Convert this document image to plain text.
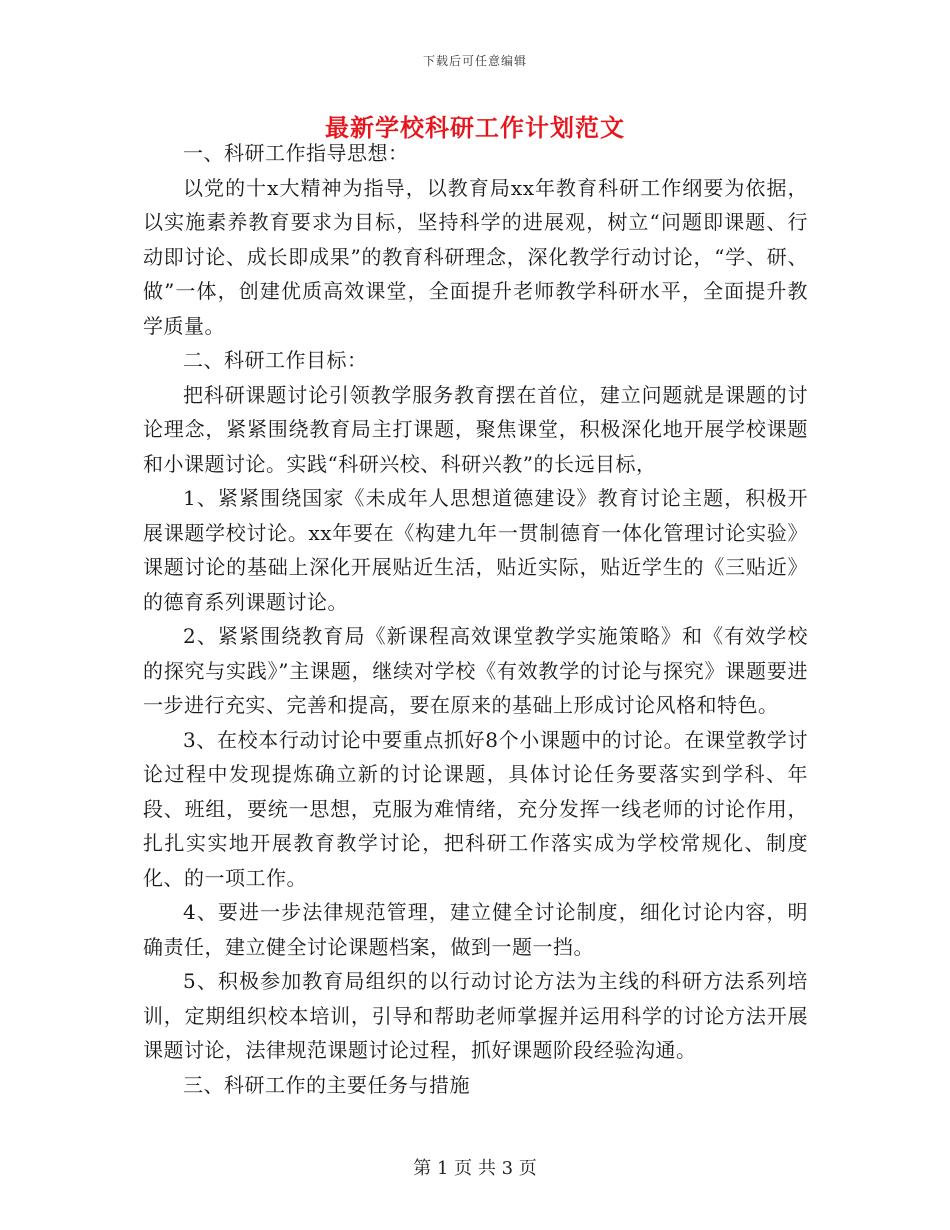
下载后可任意编辑
最新学校科研工作计划范文

一、科研工作指导思想：

以党的十x大精神为指导，以教育局xx年教育科研工作纲要为依据，以实施素养教育要求为目标，坚持科学的进展观，树立“问题即课题、行动即讨论、成长即成果”的教育科研理念，深化教学行动讨论，“学、研、做”一体，创建优质高效课堂，全面提升老师教学科研水平，全面提升教学质量。

二、科研工作目标：

把科研课题讨论引领教学服务教育摆在首位，建立问题就是课题的讨论理念，紧紧围绕教育局主打课题，聚焦课堂，积极深化地开展学校课题和小课题讨论。实践“科研兴校、科研兴教”的长远目标，

1、紧紧围绕国家《未成年人思想道德建设》教育讨论主题，积极开展课题学校讨论。xx年要在《构建九年一贯制德育一体化管理讨论实验》课题讨论的基础上深化开展贴近生活，贴近实际，贴近学生的《三贴近》的德育系列课题讨论。

2、紧紧围绕教育局《新课程高效课堂教学实施策略》和《有效学校的探究与实践》”主课题，继续对学校《有效教学的讨论与探究》课题要进一步进行充实、完善和提高，要在原来的基础上形成讨论风格和特色。

3、在校本行动讨论中要重点抓好8个小课题中的讨论。在课堂教学讨论过程中发现提炼确立新的讨论课题，具体讨论任务要落实到学科、年段、班组，要统一思想，克服为难情绪，充分发挥一线老师的讨论作用，扎扎实实地开展教育教学讨论，把科研工作落实成为学校常规化、制度化、的一项工作。

4、要进一步法律规范管理，建立健全讨论制度，细化讨论内容，明确责任，建立健全讨论课题档案，做到一题一挡。

5、积极参加教育局组织的以行动讨论方法为主线的科研方法系列培训，定期组织校本培训，引导和帮助老师掌握并运用科学的讨论方法开展课题讨论，法律规范课题讨论过程，抓好课题阶段经验沟通。

三、科研工作的主要任务与措施

第 1 页 共 3 页
